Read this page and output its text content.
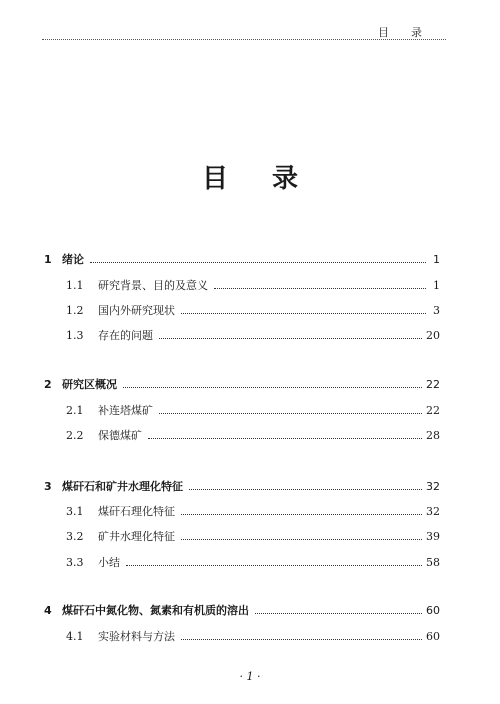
目 录
目 录
1 绪论	1
1.1	研究背景、目的及意义	1
1.2	国内外研究现状	3
1.3	存在的问题	20
2 研究区概况	22
2.1	补连塔煤矿	22
2.2	保德煤矿	28
3 煤矸石和矿井水理化特征	32
3.1	煤矸石理化特征	32
3.2	矿井水理化特征	39
3.3	小结	58
4 煤矸石中氮化物、氮素和有机质的溶出	60
4.1	实验材料与方法	60
· 1 ·
